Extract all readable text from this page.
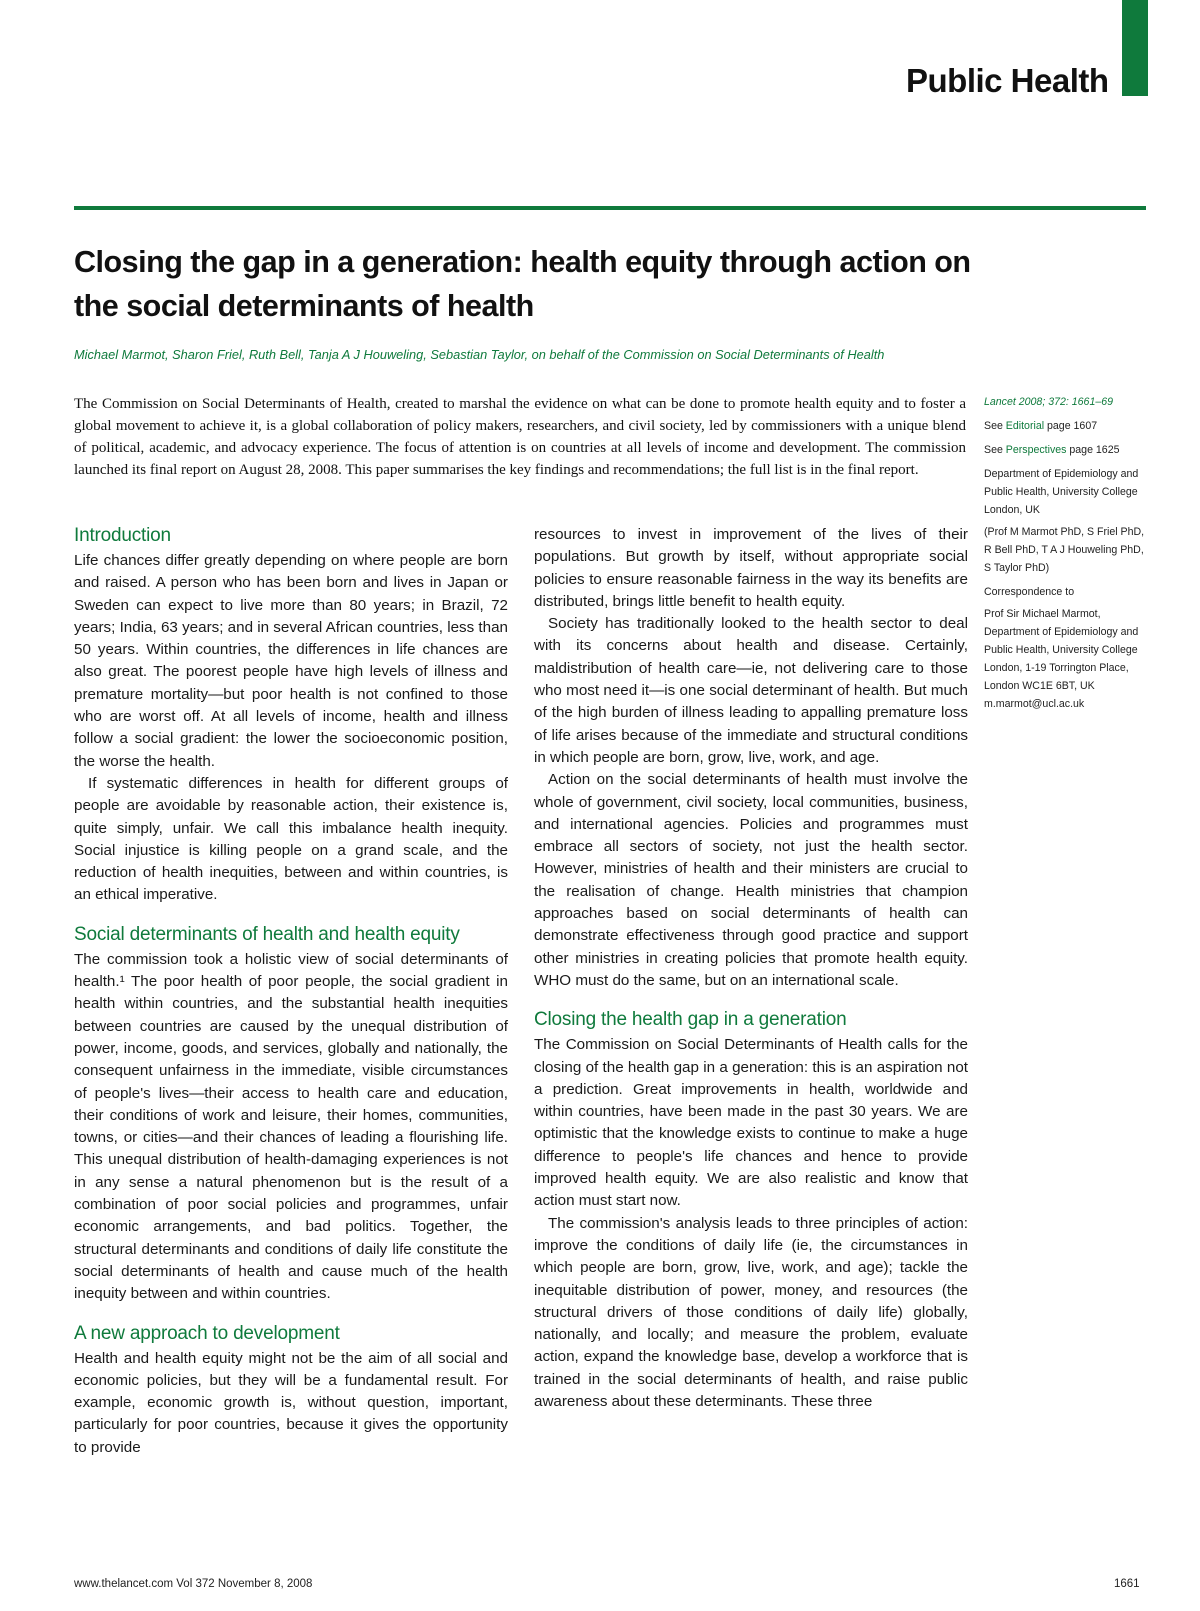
Public Health
Closing the gap in a generation: health equity through action on the social determinants of health
Michael Marmot, Sharon Friel, Ruth Bell, Tanja A J Houweling, Sebastian Taylor, on behalf of the Commission on Social Determinants of Health

The Commission on Social Determinants of Health, created to marshal the evidence on what can be done to promote health equity and to foster a global movement to achieve it, is a global collaboration of policy makers, researchers, and civil society, led by commissioners with a unique blend of political, academic, and advocacy experience. The focus of attention is on countries at all levels of income and development. The commission launched its final report on August 28, 2008. This paper summarises the key findings and recommendations; the full list is in the final report.

Lancet 2008; 372: 1661–69

See Editorial page 1607

See Perspectives page 1625

Department of Epidemiology and Public Health, University College London, UK

(Prof M Marmot PhD, S Friel PhD, R Bell PhD, T A J Houweling PhD, S Taylor PhD)

Correspondence to

Prof Sir Michael Marmot, Department of Epidemiology and Public Health, University College London, 1-19 Torrington Place, London WC1E 6BT, UK

m.marmot@ucl.ac.uk

Introduction

Life chances differ greatly depending on where people are born and raised. A person who has been born and lives in Japan or Sweden can expect to live more than 80 years; in Brazil, 72 years; India, 63 years; and in several African countries, less than 50 years. Within countries, the differences in life chances are also great. The poorest people have high levels of illness and premature mortality—but poor health is not confined to those who are worst off. At all levels of income, health and illness follow a social gradient: the lower the socioeconomic position, the worse the health.

If systematic differences in health for different groups of people are avoidable by reasonable action, their existence is, quite simply, unfair. We call this imbalance health inequity. Social injustice is killing people on a grand scale, and the reduction of health inequities, between and within countries, is an ethical imperative.

Social determinants of health and health equity

The commission took a holistic view of social determinants of health.¹ The poor health of poor people, the social gradient in health within countries, and the substantial health inequities between countries are caused by the unequal distribution of power, income, goods, and services, globally and nationally, the consequent unfairness in the immediate, visible circumstances of people's lives—their access to health care and education, their conditions of work and leisure, their homes, communities, towns, or cities—and their chances of leading a flourishing life. This unequal distribution of health-damaging experiences is not in any sense a natural phenomenon but is the result of a combination of poor social policies and programmes, unfair economic arrangements, and bad politics. Together, the structural determinants and conditions of daily life constitute the social determinants of health and cause much of the health inequity between and within countries.

A new approach to development

Health and health equity might not be the aim of all social and economic policies, but they will be a fundamental result. For example, economic growth is, without question, important, particularly for poor countries, because it gives the opportunity to provide

resources to invest in improvement of the lives of their populations. But growth by itself, without appropriate social policies to ensure reasonable fairness in the way its benefits are distributed, brings little benefit to health equity.

Society has traditionally looked to the health sector to deal with its concerns about health and disease. Certainly, maldistribution of health care—ie, not delivering care to those who most need it—is one social determinant of health. But much of the high burden of illness leading to appalling premature loss of life arises because of the immediate and structural conditions in which people are born, grow, live, work, and age.

Action on the social determinants of health must involve the whole of government, civil society, local communities, business, and international agencies. Policies and programmes must embrace all sectors of society, not just the health sector. However, ministries of health and their ministers are crucial to the realisation of change. Health ministries that champion approaches based on social determinants of health can demonstrate effectiveness through good practice and support other ministries in creating policies that promote health equity. WHO must do the same, but on an international scale.

Closing the health gap in a generation

The Commission on Social Determinants of Health calls for the closing of the health gap in a generation: this is an aspiration not a prediction. Great improvements in health, worldwide and within countries, have been made in the past 30 years. We are optimistic that the knowledge exists to continue to make a huge difference to people's life chances and hence to provide improved health equity. We are also realistic and know that action must start now.

The commission's analysis leads to three principles of action: improve the conditions of daily life (ie, the circumstances in which people are born, grow, live, work, and age); tackle the inequitable distribution of power, money, and resources (the structural drivers of those conditions of daily life) globally, nationally, and locally; and measure the problem, evaluate action, expand the knowledge base, develop a workforce that is trained in the social determinants of health, and raise public awareness about these determinants. These three

www.thelancet.com Vol 372 November 8, 2008	1661
